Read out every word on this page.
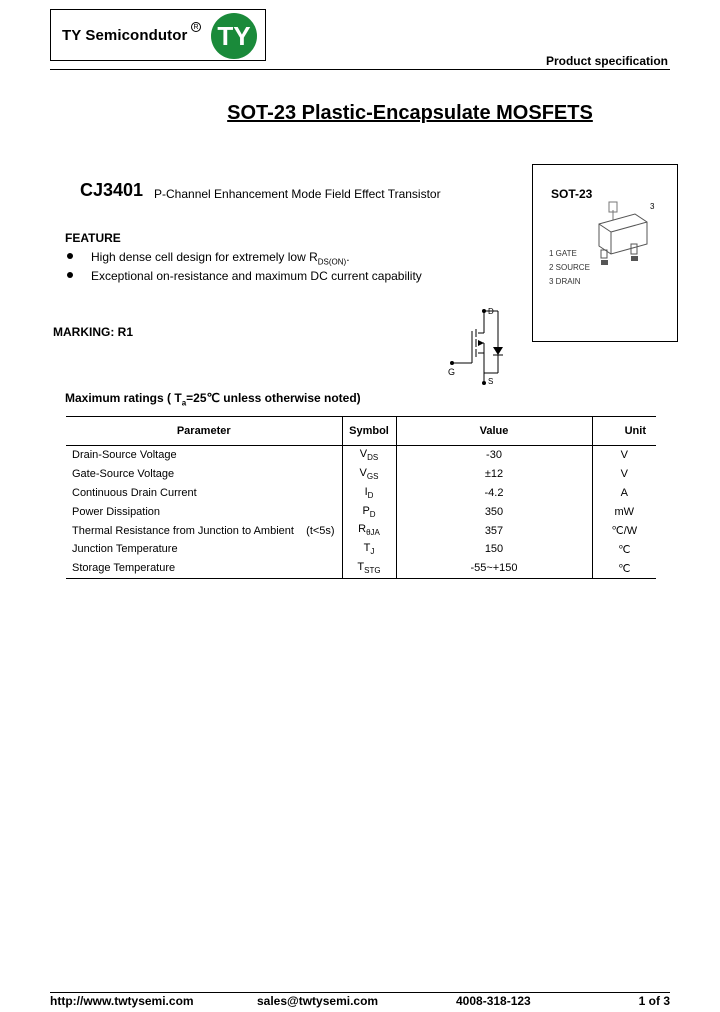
TY Semicondutor R TY
Product specification
SOT-23 Plastic-Encapsulate MOSFETS
CJ3401 P-Channel Enhancement Mode Field Effect Transistor	SOT-23
3
1 GATE
2 SOURCE
3 DRAIN
FEATURE
High dense cell design for extremely low $R_{DS(ON)}$.
Exceptional on-resistance and maximum DC current capability
MARKING: R1
D
G
S
Maximum ratings ( $T_a=25℃$ unless otherwise noted)
Parameter	Symbol	Value	Unit
Drain-Source Voltage	$V_{DS}$	-30	V
Gate-Source Voltage	$V_{GS}$	±12	V
Continuous Drain Current	$I_D$	-4.2	A
Power Dissipation	$P_D$	350	mW
Thermal Resistance from Junction to Ambient    (t<5s)	$R_{\theta JA}$	357	℃/W
Junction Temperature	$T_J$	150	℃
Storage Temperature	$T_{STG}$	-55~+150	℃
http://www.twtysemi.com	sales@twtysemi.com	4008-318-123	1 of 3
